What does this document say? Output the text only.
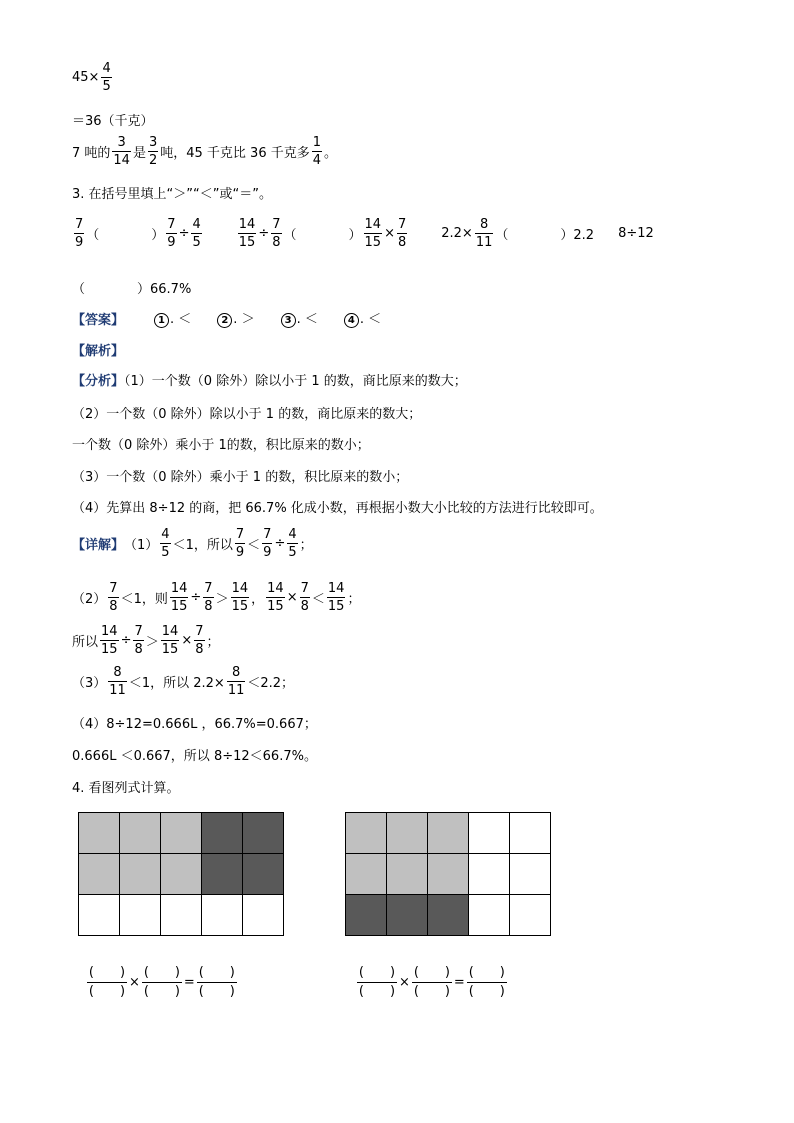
$45\times \frac{4}{5}$
＝36（千克）
7 吨的 $\frac{3}{14}$ 是 $\frac{3}{2}$ 吨，45 千克比 36 千克多 $\frac{1}{4}$ 。
3. 在括号里填上“＞”“＜”或“＝”。
$\frac{7}{9}$ （　　　　） $\frac{7}{9} \div \frac{4}{5}$	$\frac{14}{15} \div \frac{7}{8}$ （　　　　） $\frac{14}{15} \times \frac{7}{8}$	$2.2\times \frac{8}{11}$ （　　　　）2.2 8÷12
（　　　　）66.7%
【答案】	1 . ＜	2 . ＞	3 . ＜	4 . ＜
【解析】
【分析】（1）一个数（0 除外）除以小于 1 的数，商比原来的数大；
（2）一个数（0 除外）除以小于 1 的数，商比原来的数大；
一个数（0 除外）乘小于 1的数，积比原来的数小；
（3）一个数（0 除外）乘小于 1 的数，积比原来的数小；
（4）先算出 8÷12 的商，把 66.7% 化成小数，再根据小数大小比较的方法进行比较即可。
【详解】 $(1) \frac{4}{5} <1$，所以 $\frac{7}{9} < \frac{7}{9} \div \frac{4}{5}$ ；
$(2) \frac{7}{8} <1$，则 $\frac{14}{15} \div \frac{7}{8} > \frac{14}{15}$ ， $\frac{14}{15} \times \frac{7}{8} < \frac{14}{15}$ ；
所以 $\frac{14}{15} \div \frac{7}{8} > \frac{14}{15} \times \frac{7}{8}$ ；
$(3) \frac{8}{11} <1$，所以 $2.2\times \frac{8}{11} <2.2$；
（4）8÷12=0.666L ，66.7%=0.667；
0.666L ＜0.667，所以 8÷12＜66.7%。
4. 看图列式计算。
$\frac{( )}{( )} \times \frac{( )}{( )} = \frac{( )}{( )}$	$\frac{( )}{( )} \times \frac{( )}{( )} = \frac{( )}{( )}$
